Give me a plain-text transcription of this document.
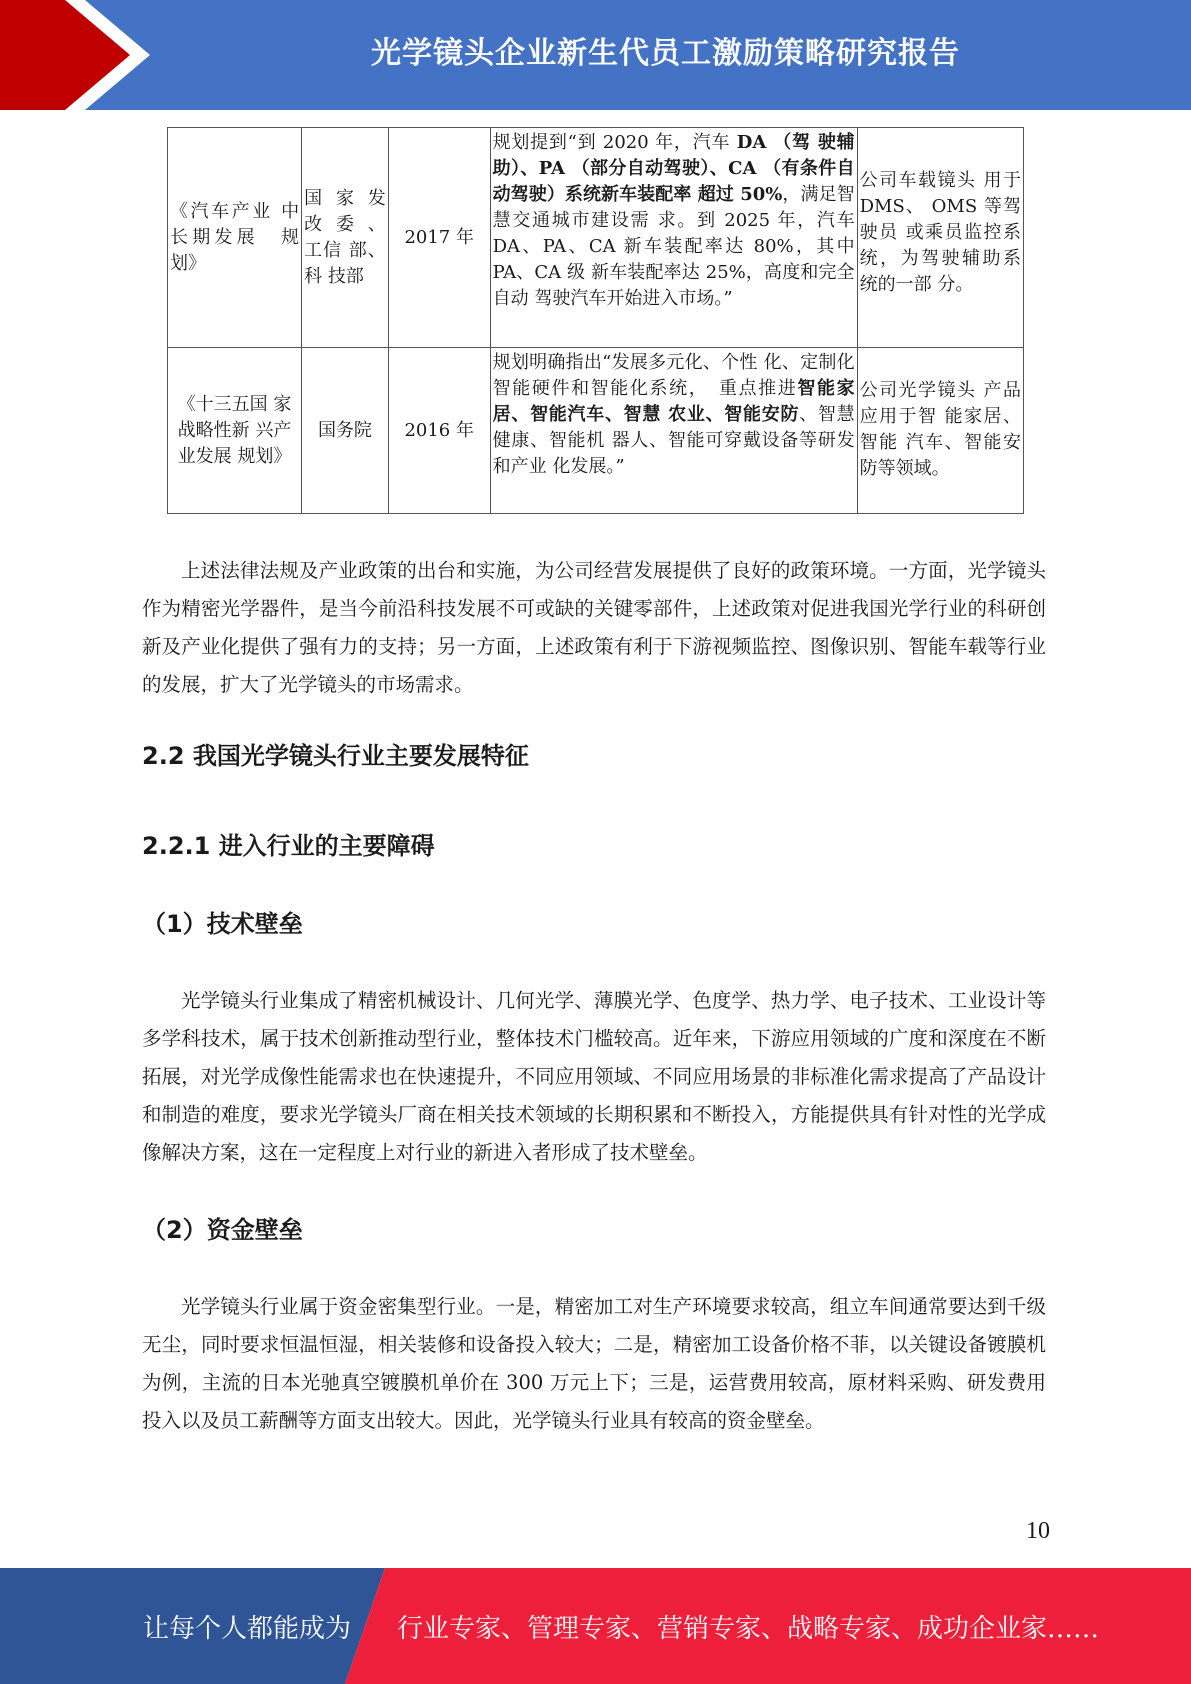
光学镜头企业新生代员工激励策略研究报告
《汽车产业 中长期发展　规划》	国 家 发改 委 、工信 部、科 技部	2017 年	规划提到“到 2020 年，汽车 DA （驾 驶辅助）、PA （部分自动驾驶）、CA （有条件自动驾驶）系统新车装配率 超过 50%，满足智慧交通城市建设需 求。到 2025 年，汽车 DA、PA、CA 新车装配率达 80%，其中 PA、CA 级 新车装配率达 25%，高度和完全自动 驾驶汽车开始进入市场。”	公司车载镜头 用于 DMS、 OMS 等驾驶员 或乘员监控系 统，为驾驶辅助系统的一部 分。
《十三五国 家战略性新 兴产业发展 规划》	国务院	2016 年	规划明确指出“发展多元化、个性 化、定制化智能硬件和智能化系统，　重点推进智能家居、智能汽车、智慧 农业、智能安防、智慧健康、智能机 器人、智能可穿戴设备等研发和产业 化发展。”	公司光学镜头 产品应用于智 能家居、智能 汽车、智能安 防等领域。

上述法律法规及产业政策的出台和实施，为公司经营发展提供了良好的政策环境。一方面，光学镜头作为精密光学器件，是当今前沿科技发展不可或缺的关键零部件，上述政策对促进我国光学行业的科研创新及产业化提供了强有力的支持；另一方面，上述政策有利于下游视频监控、图像识别、智能车载等行业的发展，扩大了光学镜头的市场需求。

2.2 我国光学镜头行业主要发展特征
2.2.1 进入行业的主要障碍
（1）技术壁垒

光学镜头行业集成了精密机械设计、几何光学、薄膜光学、色度学、热力学、电子技术、工业设计等多学科技术，属于技术创新推动型行业，整体技术门槛较高。近年来，下游应用领域的广度和深度在不断拓展，对光学成像性能需求也在快速提升，不同应用领域、不同应用场景的非标准化需求提高了产品设计和制造的难度，要求光学镜头厂商在相关技术领域的长期积累和不断投入，方能提供具有针对性的光学成像解决方案，这在一定程度上对行业的新进入者形成了技术壁垒。

（2）资金壁垒

光学镜头行业属于资金密集型行业。一是，精密加工对生产环境要求较高，组立车间通常要达到千级无尘，同时要求恒温恒湿，相关装修和设备投入较大；二是，精密加工设备价格不菲，以关键设备镀膜机为例，主流的日本光驰真空镀膜机单价在 300 万元上下；三是，运营费用较高，原材料采购、研发费用投入以及员工薪酬等方面支出较大。因此，光学镜头行业具有较高的资金壁垒。

10
让每个人都能成为 行业专家、管理专家、营销专家、战略专家、成功企业家……
